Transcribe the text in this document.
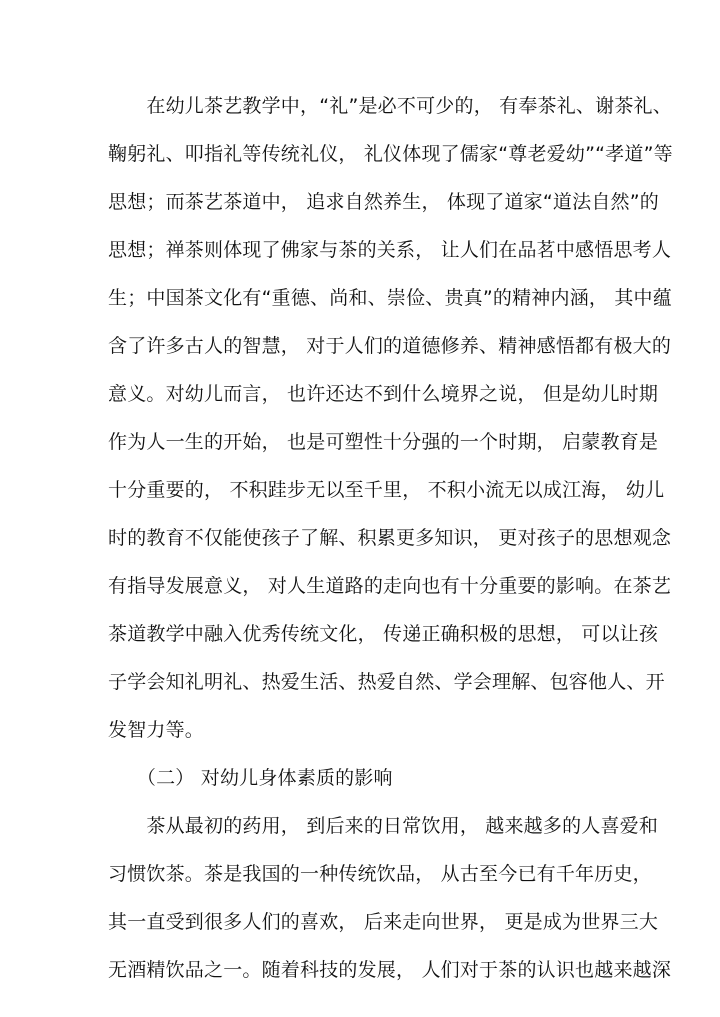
　　在幼儿茶艺教学中，“礼”是必不可少的， 有奉茶礼、谢茶礼、
鞠躬礼、叩指礼等传统礼仪， 礼仪体现了儒家“尊老爱幼”“孝道”等
思想；而茶艺茶道中， 追求自然养生， 体现了道家“道法自然”的
思想；禅茶则体现了佛家与茶的关系， 让人们在品茗中感悟思考人
生；中国茶文化有“重德、尚和、崇俭、贵真”的精神内涵， 其中蕴
含了许多古人的智慧， 对于人们的道德修养、精神感悟都有极大的
意义。对幼儿而言， 也许还达不到什么境界之说， 但是幼儿时期
作为人一生的开始， 也是可塑性十分强的一个时期， 启蒙教育是
十分重要的， 不积跬步无以至千里， 不积小流无以成江海， 幼儿
时的教育不仅能使孩子了解、积累更多知识， 更对孩子的思想观念
有指导发展意义， 对人生道路的走向也有十分重要的影响。在茶艺
茶道教学中融入优秀传统文化， 传递正确积极的思想， 可以让孩
子学会知礼明礼、热爱生活、热爱自然、学会理解、包容他人、开
发智力等。
　　（二） 对幼儿身体素质的影响
　　茶从最初的药用， 到后来的日常饮用， 越来越多的人喜爱和
习惯饮茶。茶是我国的一种传统饮品， 从古至今已有千年历史，
其一直受到很多人们的喜欢， 后来走向世界， 更是成为世界三大
无酒精饮品之一。随着科技的发展， 人们对于茶的认识也越来越深
